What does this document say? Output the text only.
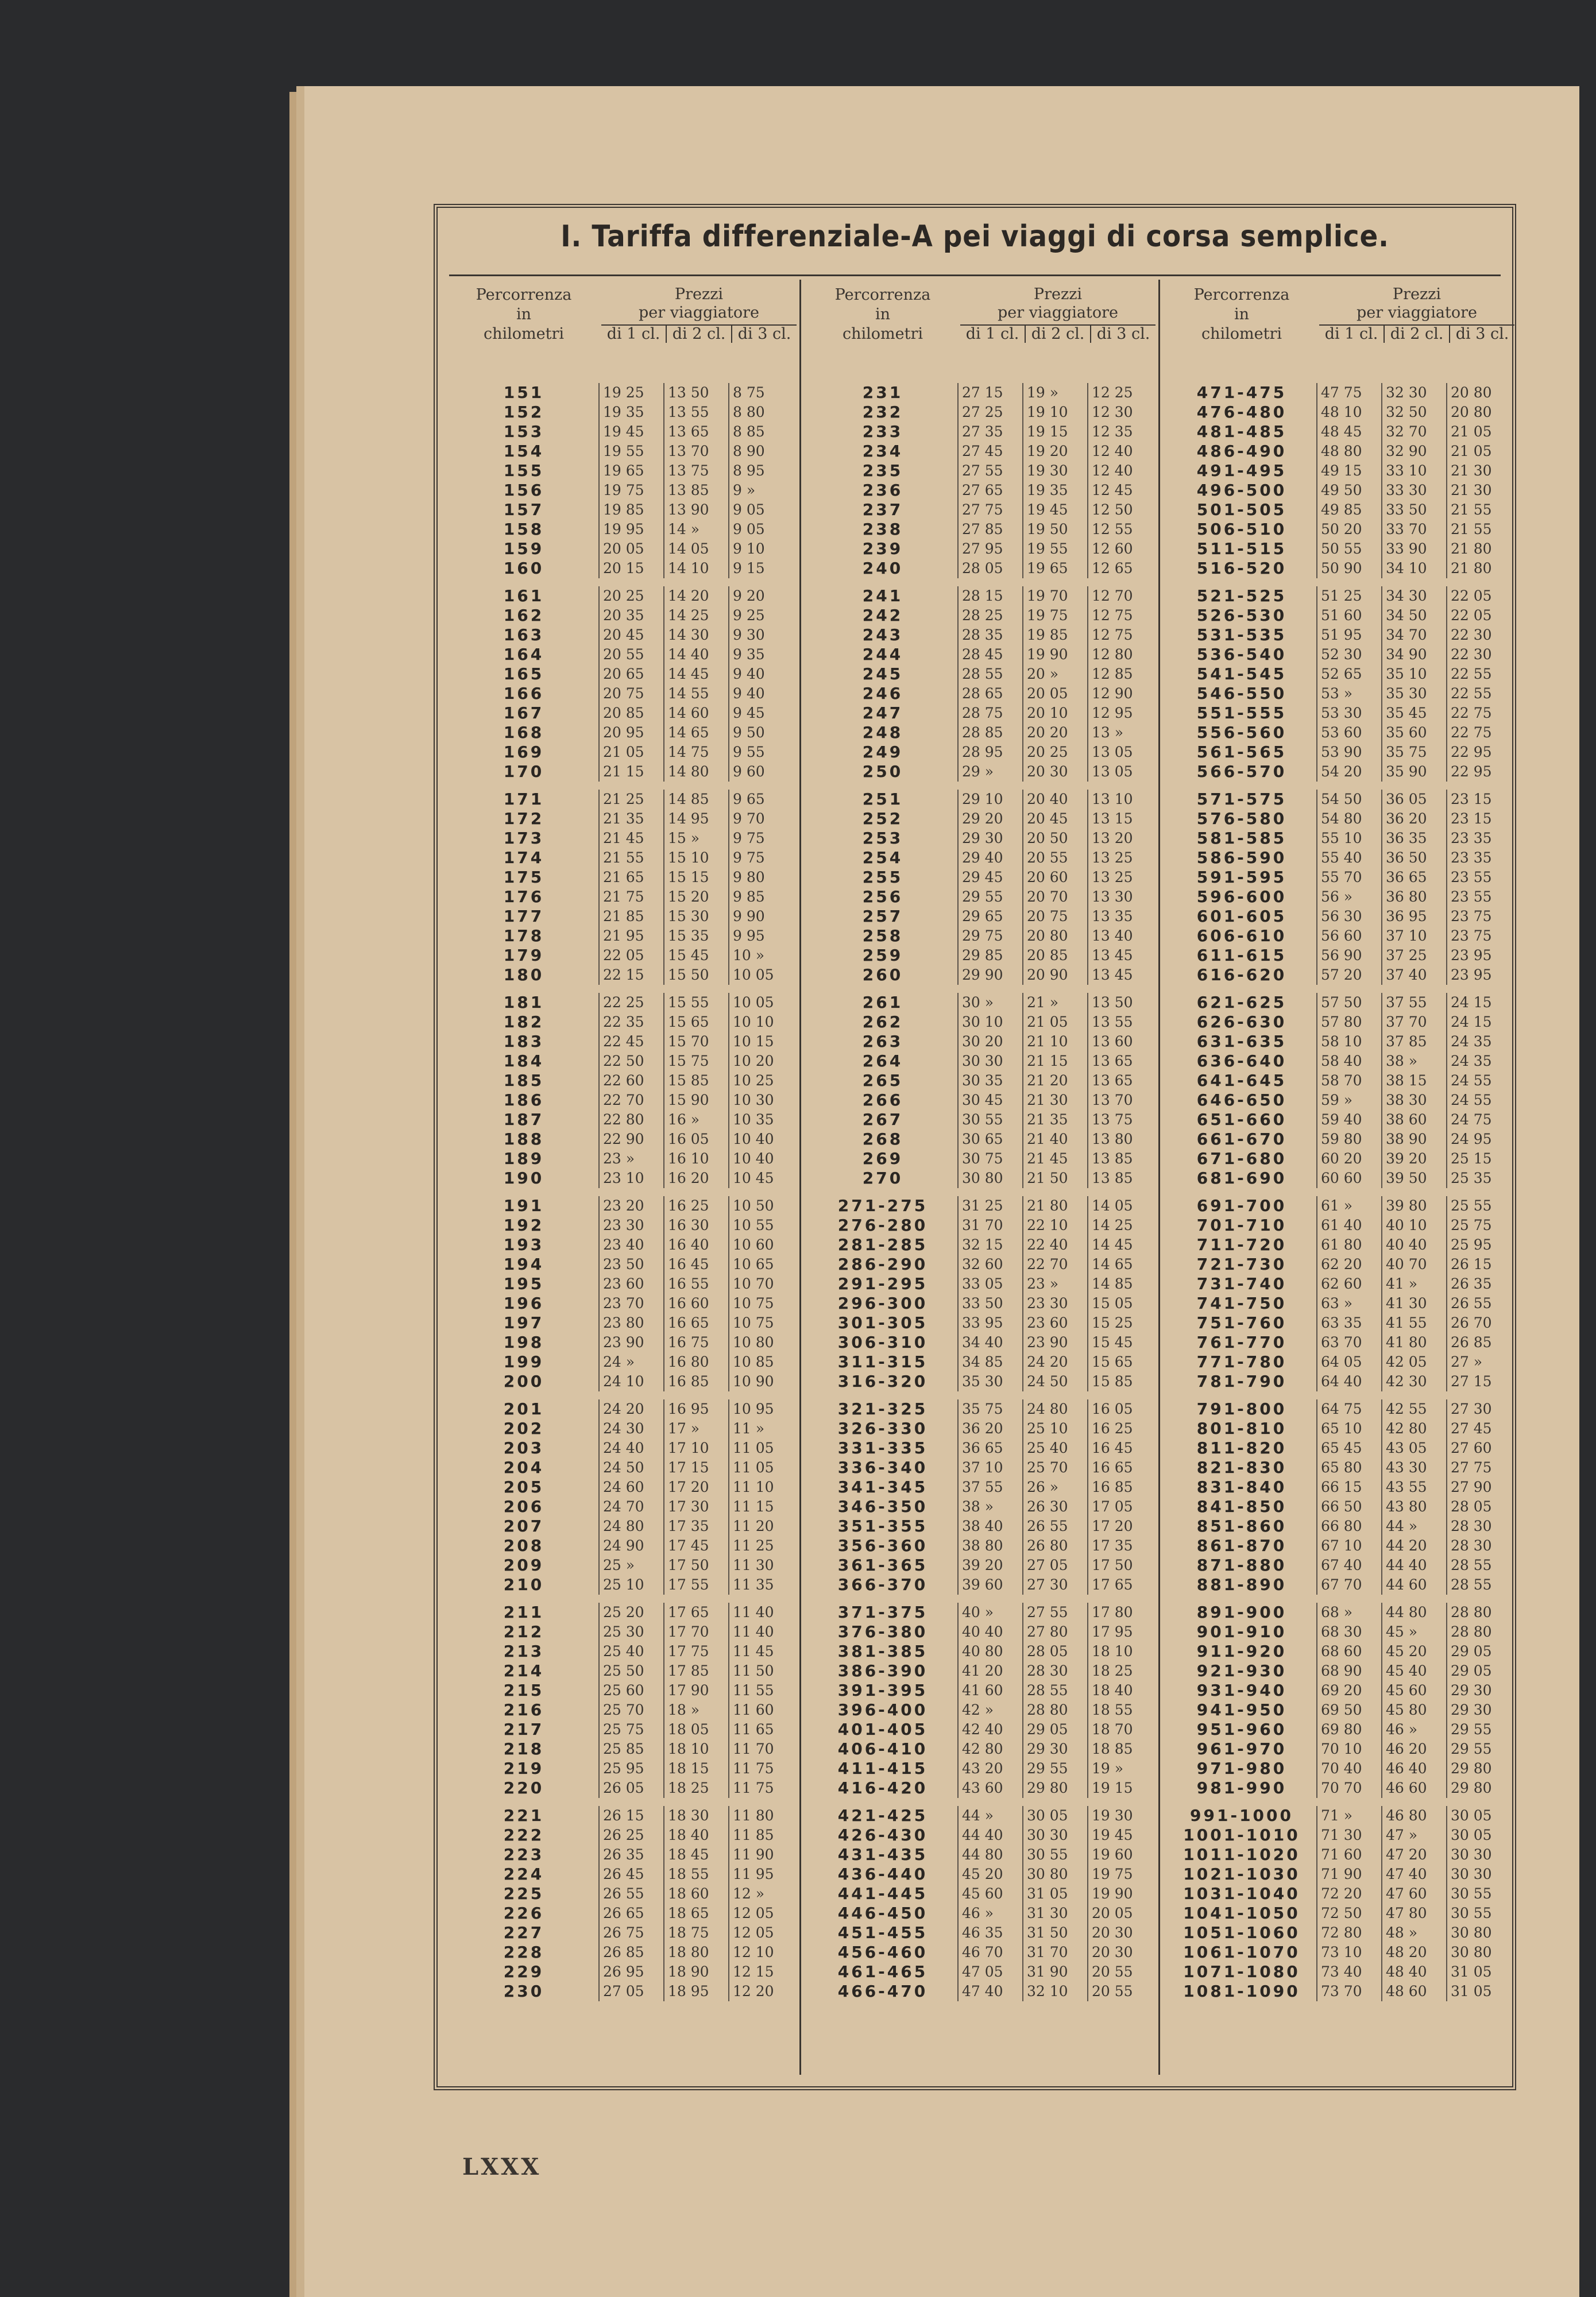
I. Tariffa differenziale-A pei viaggi di corsa semplice.
Percorrenza
in
chilometri
Prezzi
per viaggiatore
di 1 cl. di 2 cl. di 3 cl.
Percorrenza
in
chilometri
Prezzi
per viaggiatore
di 1 cl. di 2 cl. di 3 cl.
Percorrenza
in
chilometri
Prezzi
per viaggiatore
di 1 cl. di 2 cl. di 3 cl.
151	19 25	13 50	8 75
152	19 35	13 55	8 80
153	19 45	13 65	8 85
154	19 55	13 70	8 90
155	19 65	13 75	8 95
156	19 75	13 85	9 »
157	19 85	13 90	9 05
158	19 95	14 »	9 05
159	20 05	14 05	9 10
160	20 15	14 10	9 15
161	20 25	14 20	9 20
162	20 35	14 25	9 25
163	20 45	14 30	9 30
164	20 55	14 40	9 35
165	20 65	14 45	9 40
166	20 75	14 55	9 40
167	20 85	14 60	9 45
168	20 95	14 65	9 50
169	21 05	14 75	9 55
170	21 15	14 80	9 60
171	21 25	14 85	9 65
172	21 35	14 95	9 70
173	21 45	15 »	9 75
174	21 55	15 10	9 75
175	21 65	15 15	9 80
176	21 75	15 20	9 85
177	21 85	15 30	9 90
178	21 95	15 35	9 95
179	22 05	15 45	10 »
180	22 15	15 50	10 05
181	22 25	15 55	10 05
182	22 35	15 65	10 10
183	22 45	15 70	10 15
184	22 50	15 75	10 20
185	22 60	15 85	10 25
186	22 70	15 90	10 30
187	22 80	16 »	10 35
188	22 90	16 05	10 40
189	23 »	16 10	10 40
190	23 10	16 20	10 45
191	23 20	16 25	10 50
192	23 30	16 30	10 55
193	23 40	16 40	10 60
194	23 50	16 45	10 65
195	23 60	16 55	10 70
196	23 70	16 60	10 75
197	23 80	16 65	10 75
198	23 90	16 75	10 80
199	24 »	16 80	10 85
200	24 10	16 85	10 90
201	24 20	16 95	10 95
202	24 30	17 »	11 »
203	24 40	17 10	11 05
204	24 50	17 15	11 05
205	24 60	17 20	11 10
206	24 70	17 30	11 15
207	24 80	17 35	11 20
208	24 90	17 45	11 25
209	25 »	17 50	11 30
210	25 10	17 55	11 35
211	25 20	17 65	11 40
212	25 30	17 70	11 40
213	25 40	17 75	11 45
214	25 50	17 85	11 50
215	25 60	17 90	11 55
216	25 70	18 »	11 60
217	25 75	18 05	11 65
218	25 85	18 10	11 70
219	25 95	18 15	11 75
220	26 05	18 25	11 75
221	26 15	18 30	11 80
222	26 25	18 40	11 85
223	26 35	18 45	11 90
224	26 45	18 55	11 95
225	26 55	18 60	12 »
226	26 65	18 65	12 05
227	26 75	18 75	12 05
228	26 85	18 80	12 10
229	26 95	18 90	12 15
230	27 05	18 95	12 20
231	27 15	19 »	12 25
232	27 25	19 10	12 30
233	27 35	19 15	12 35
234	27 45	19 20	12 40
235	27 55	19 30	12 40
236	27 65	19 35	12 45
237	27 75	19 45	12 50
238	27 85	19 50	12 55
239	27 95	19 55	12 60
240	28 05	19 65	12 65
241	28 15	19 70	12 70
242	28 25	19 75	12 75
243	28 35	19 85	12 75
244	28 45	19 90	12 80
245	28 55	20 »	12 85
246	28 65	20 05	12 90
247	28 75	20 10	12 95
248	28 85	20 20	13 »
249	28 95	20 25	13 05
250	29 »	20 30	13 05
251	29 10	20 40	13 10
252	29 20	20 45	13 15
253	29 30	20 50	13 20
254	29 40	20 55	13 25
255	29 45	20 60	13 25
256	29 55	20 70	13 30
257	29 65	20 75	13 35
258	29 75	20 80	13 40
259	29 85	20 85	13 45
260	29 90	20 90	13 45
261	30 »	21 »	13 50
262	30 10	21 05	13 55
263	30 20	21 10	13 60
264	30 30	21 15	13 65
265	30 35	21 20	13 65
266	30 45	21 30	13 70
267	30 55	21 35	13 75
268	30 65	21 40	13 80
269	30 75	21 45	13 85
270	30 80	21 50	13 85
271-275	31 25	21 80	14 05
276-280	31 70	22 10	14 25
281-285	32 15	22 40	14 45
286-290	32 60	22 70	14 65
291-295	33 05	23 »	14 85
296-300	33 50	23 30	15 05
301-305	33 95	23 60	15 25
306-310	34 40	23 90	15 45
311-315	34 85	24 20	15 65
316-320	35 30	24 50	15 85
321-325	35 75	24 80	16 05
326-330	36 20	25 10	16 25
331-335	36 65	25 40	16 45
336-340	37 10	25 70	16 65
341-345	37 55	26 »	16 85
346-350	38 »	26 30	17 05
351-355	38 40	26 55	17 20
356-360	38 80	26 80	17 35
361-365	39 20	27 05	17 50
366-370	39 60	27 30	17 65
371-375	40 »	27 55	17 80
376-380	40 40	27 80	17 95
381-385	40 80	28 05	18 10
386-390	41 20	28 30	18 25
391-395	41 60	28 55	18 40
396-400	42 »	28 80	18 55
401-405	42 40	29 05	18 70
406-410	42 80	29 30	18 85
411-415	43 20	29 55	19 »
416-420	43 60	29 80	19 15
421-425	44 »	30 05	19 30
426-430	44 40	30 30	19 45
431-435	44 80	30 55	19 60
436-440	45 20	30 80	19 75
441-445	45 60	31 05	19 90
446-450	46 »	31 30	20 05
451-455	46 35	31 50	20 30
456-460	46 70	31 70	20 30
461-465	47 05	31 90	20 55
466-470	47 40	32 10	20 55
471-475	47 75	32 30	20 80
476-480	48 10	32 50	20 80
481-485	48 45	32 70	21 05
486-490	48 80	32 90	21 05
491-495	49 15	33 10	21 30
496-500	49 50	33 30	21 30
501-505	49 85	33 50	21 55
506-510	50 20	33 70	21 55
511-515	50 55	33 90	21 80
516-520	50 90	34 10	21 80
521-525	51 25	34 30	22 05
526-530	51 60	34 50	22 05
531-535	51 95	34 70	22 30
536-540	52 30	34 90	22 30
541-545	52 65	35 10	22 55
546-550	53 »	35 30	22 55
551-555	53 30	35 45	22 75
556-560	53 60	35 60	22 75
561-565	53 90	35 75	22 95
566-570	54 20	35 90	22 95
571-575	54 50	36 05	23 15
576-580	54 80	36 20	23 15
581-585	55 10	36 35	23 35
586-590	55 40	36 50	23 35
591-595	55 70	36 65	23 55
596-600	56 »	36 80	23 55
601-605	56 30	36 95	23 75
606-610	56 60	37 10	23 75
611-615	56 90	37 25	23 95
616-620	57 20	37 40	23 95
621-625	57 50	37 55	24 15
626-630	57 80	37 70	24 15
631-635	58 10	37 85	24 35
636-640	58 40	38 »	24 35
641-645	58 70	38 15	24 55
646-650	59 »	38 30	24 55
651-660	59 40	38 60	24 75
661-670	59 80	38 90	24 95
671-680	60 20	39 20	25 15
681-690	60 60	39 50	25 35
691-700	61 »	39 80	25 55
701-710	61 40	40 10	25 75
711-720	61 80	40 40	25 95
721-730	62 20	40 70	26 15
731-740	62 60	41 »	26 35
741-750	63 »	41 30	26 55
751-760	63 35	41 55	26 70
761-770	63 70	41 80	26 85
771-780	64 05	42 05	27 »
781-790	64 40	42 30	27 15
791-800	64 75	42 55	27 30
801-810	65 10	42 80	27 45
811-820	65 45	43 05	27 60
821-830	65 80	43 30	27 75
831-840	66 15	43 55	27 90
841-850	66 50	43 80	28 05
851-860	66 80	44 »	28 30
861-870	67 10	44 20	28 30
871-880	67 40	44 40	28 55
881-890	67 70	44 60	28 55
891-900	68 »	44 80	28 80
901-910	68 30	45 »	28 80
911-920	68 60	45 20	29 05
921-930	68 90	45 40	29 05
931-940	69 20	45 60	29 30
941-950	69 50	45 80	29 30
951-960	69 80	46 »	29 55
961-970	70 10	46 20	29 55
971-980	70 40	46 40	29 80
981-990	70 70	46 60	29 80
991-1000	71 »	46 80	30 05
1001-1010	71 30	47 »	30 05
1011-1020	71 60	47 20	30 30
1021-1030	71 90	47 40	30 30
1031-1040	72 20	47 60	30 55
1041-1050	72 50	47 80	30 55
1051-1060	72 80	48 »	30 80
1061-1070	73 10	48 20	30 80
1071-1080	73 40	48 40	31 05
1081-1090	73 70	48 60	31 05
LXXX
